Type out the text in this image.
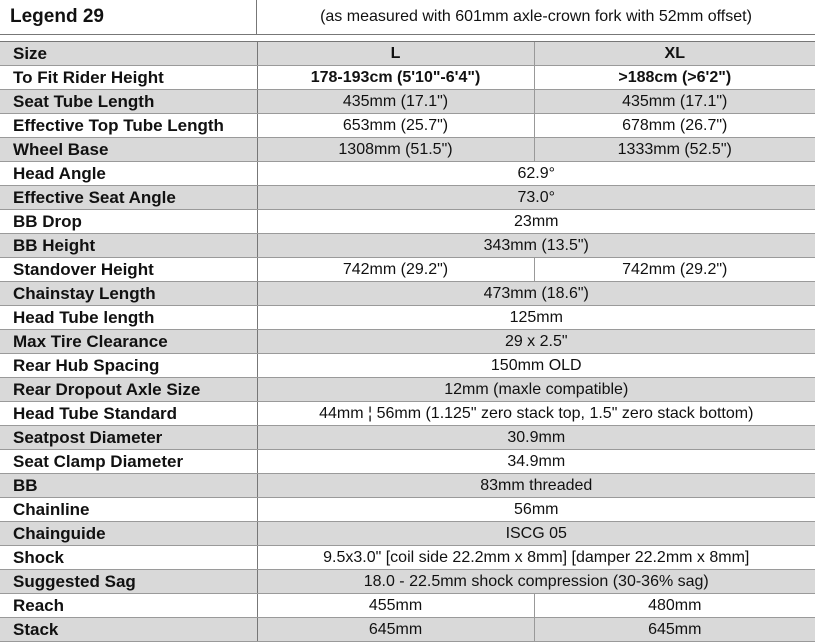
Legend 29	(as measured with 601mm axle-crown fork with 52mm offset)
Size	L	XL
To Fit Rider Height	178-193cm (5'10"-6'4")	>188cm (>6'2")
Seat Tube Length	435mm (17.1")	435mm (17.1")
Effective Top Tube Length	653mm (25.7")	678mm (26.7")
Wheel Base	1308mm (51.5")	1333mm (52.5")
Head Angle	62.9°	
Effective Seat Angle	73.0°	
BB Drop	23mm	
BB Height	343mm (13.5")	
Standover Height	742mm (29.2")	742mm (29.2")
Chainstay Length	473mm (18.6")	
Head Tube length	125mm	
Max Tire Clearance	29 x 2.5"	
Rear Hub Spacing	150mm OLD	
Rear Dropout Axle Size	12mm (maxle compatible)	
Head Tube Standard	44mm ¦ 56mm (1.125" zero stack top, 1.5" zero stack bottom)	
Seatpost Diameter	30.9mm	
Seat Clamp Diameter	34.9mm	
BB	83mm threaded	
Chainline	56mm	
Chainguide	ISCG 05	
Shock	9.5x3.0" [coil side 22.2mm x 8mm] [damper 22.2mm x 8mm]	
Suggested Sag	18.0 - 22.5mm shock compression (30-36% sag)	
Reach	455mm	480mm
Stack	645mm	645mm
